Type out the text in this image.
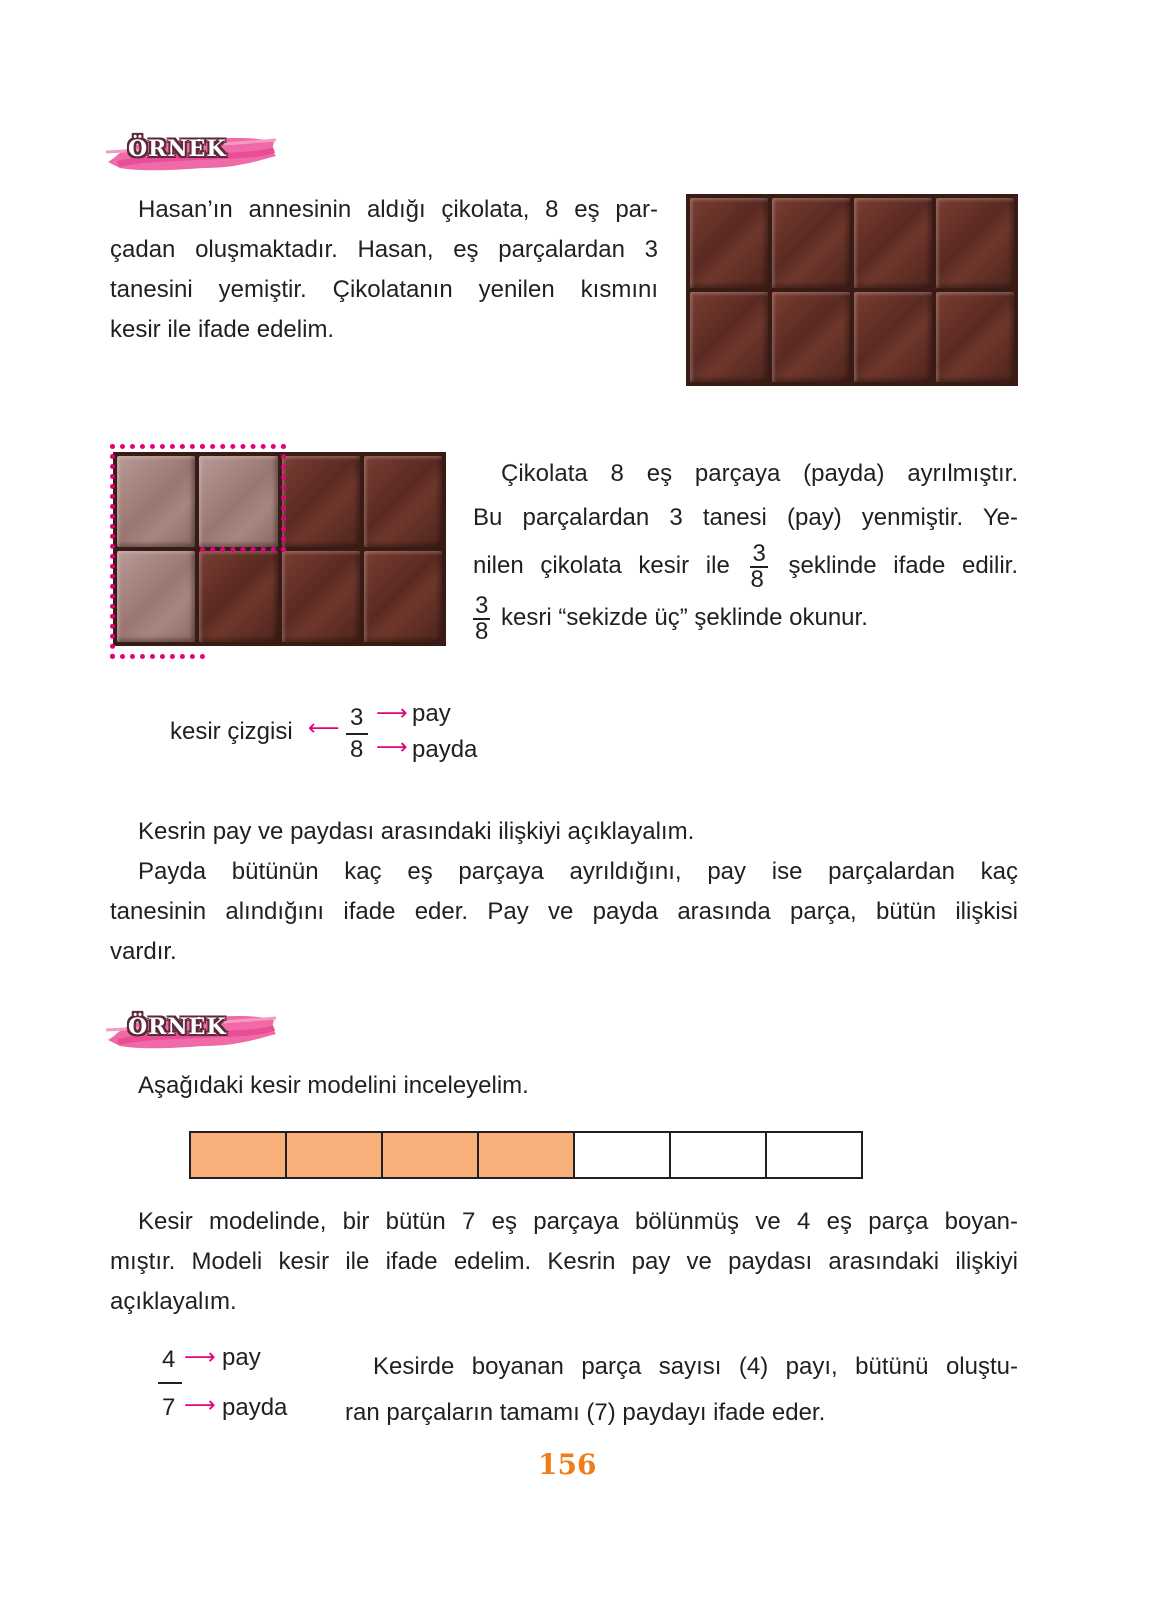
ÖRNEK

Hasan’ın annesinin aldığı çikolata, 8 eş par-

çadan oluşmaktadır. Hasan, eş parçalardan 3

tanesini yemiştir. Çikolatanın yenilen kısmını

kesir ile ifade edelim.

Çikolata 8 eş parçaya (payda) ayrılmıştır.

Bu parçalardan 3 tanesi (pay) yenmiştir. Ye-

nilen çikolata kesir ile $\frac{3}{8}$ şeklinde ifade edilir.

$\frac{3}{8}$ kesri “sekizde üç” şeklinde okunur.

kesir çizgisi ⟵ 3
8
⟶
⟶
pay
payda

Kesrin pay ve paydası arasındaki ilişkiyi açıklayalım.

Payda bütünün kaç eş parçaya ayrıldığını, pay ise parçalardan kaç

tanesinin alındığını ifade eder. Pay ve payda arasında parça, bütün ilişkisi

vardır.

ÖRNEK
Aşağıdaki kesir modelini inceleyelim.

Kesir modelinde, bir bütün 7 eş parçaya bölünmüş ve 4 eş parça boyan-

mıştır. Modeli kesir ile ifade edelim. Kesrin pay ve paydası arasındaki ilişkiyi

açıklayalım.

4
7
⟶
⟶
pay
payda

Kesirde boyanan parça sayısı (4) payı, bütünü oluştu-

ran parçaların tamamı (7) paydayı ifade eder.

156
